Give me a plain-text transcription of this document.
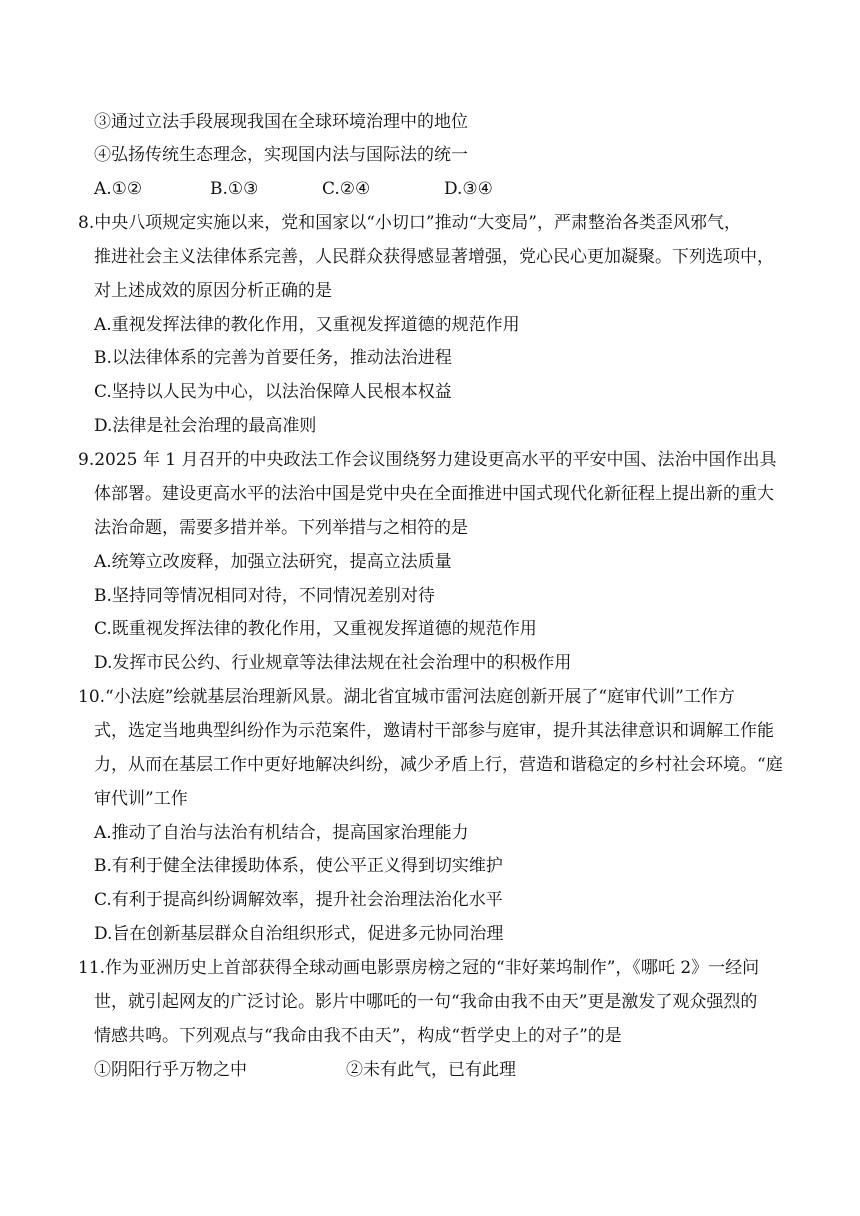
③通过立法手段展现我国在全球环境治理中的地位
④弘扬传统生态理念，实现国内法与国际法的统一
A.①②	B.①③	C.②④	D.③④
8.中央八项规定实施以来，党和国家以“小切口”推动“大变局”，严肃整治各类歪风邪气，
推进社会主义法律体系完善，人民群众获得感显著增强，党心民心更加凝聚。下列选项中，
对上述成效的原因分析正确的是
A.重视发挥法律的教化作用，又重视发挥道德的规范作用
B.以法律体系的完善为首要任务，推动法治进程
C.坚持以人民为中心，以法治保障人民根本权益
D.法律是社会治理的最高准则
9.2025 年 1 月召开的中央政法工作会议围绕努力建设更高水平的平安中国、法治中国作出具
体部署。建设更高水平的法治中国是党中央在全面推进中国式现代化新征程上提出新的重大
法治命题，需要多措并举。下列举措与之相符的是
A.统筹立改废释，加强立法研究，提高立法质量
B.坚持同等情况相同对待，不同情况差别对待
C.既重视发挥法律的教化作用，又重视发挥道德的规范作用
D.发挥市民公约、行业规章等法律法规在社会治理中的积极作用
10.“小法庭”绘就基层治理新风景。湖北省宜城市雷河法庭创新开展了“庭审代训”工作方
式，选定当地典型纠纷作为示范案件，邀请村干部参与庭审，提升其法律意识和调解工作能
力，从而在基层工作中更好地解决纠纷，减少矛盾上行，营造和谐稳定的乡村社会环境。“庭
审代训”工作
A.推动了自治与法治有机结合，提高国家治理能力
B.有利于健全法律援助体系，使公平正义得到切实维护
C.有利于提高纠纷调解效率，提升社会治理法治化水平
D.旨在创新基层群众自治组织形式，促进多元协同治理
11.作为亚洲历史上首部获得全球动画电影票房榜之冠的“非好莱坞制作”，《哪吒 2》一经问
世，就引起网友的广泛讨论。影片中哪吒的一句“我命由我不由天”更是激发了观众强烈的
情感共鸣。下列观点与“我命由我不由天”，构成“哲学史上的对子”的是
①阴阳行乎万物之中	②未有此气，已有此理
